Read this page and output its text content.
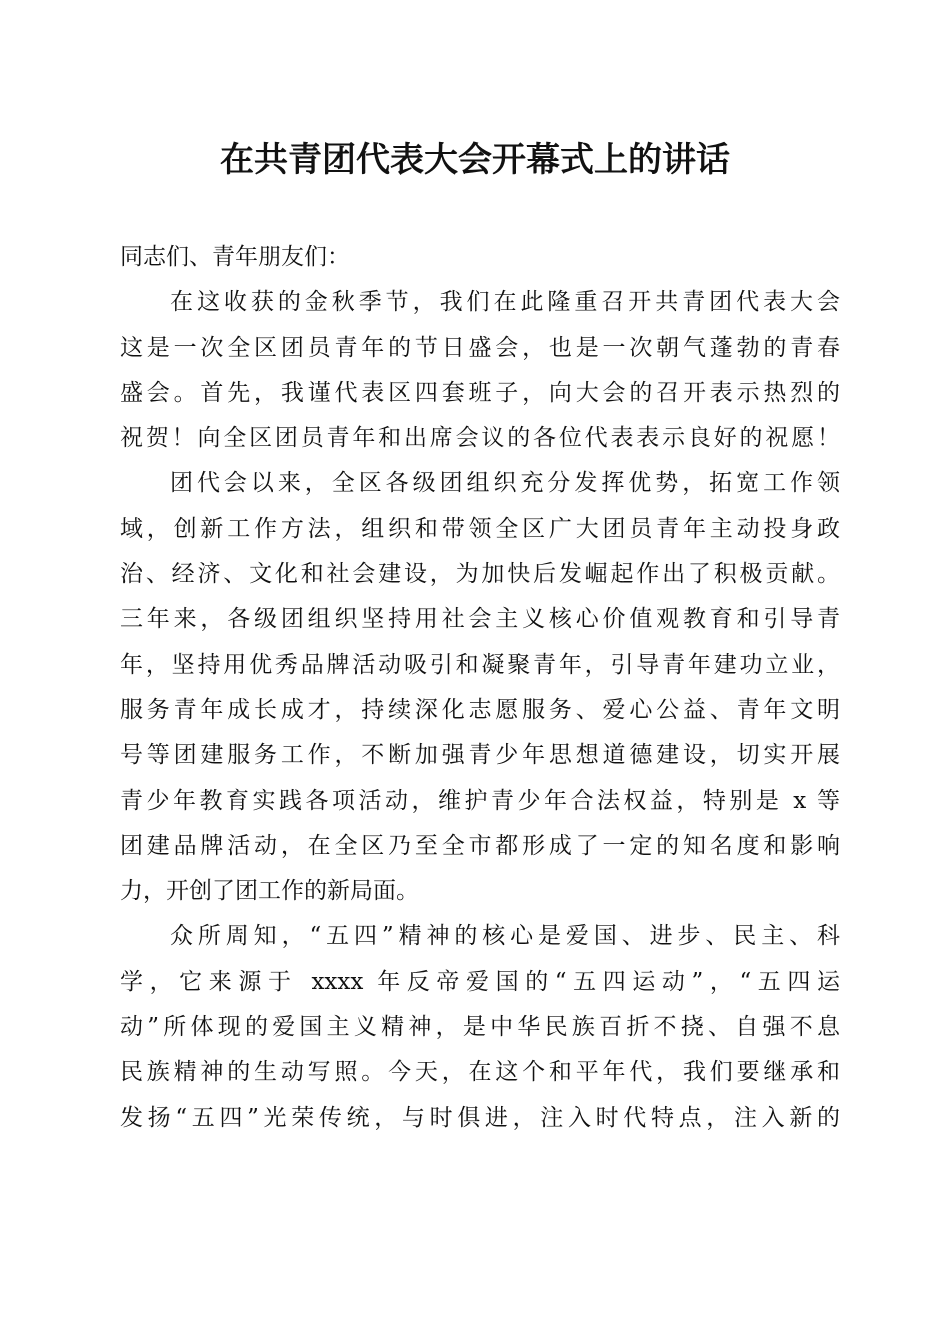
在共青团代表大会开幕式上的讲话
同志们、青年朋友们：
在这收获的金秋季节，我们在此隆重召开共青团代表大会
这是一次全区团员青年的节日盛会，也是一次朝气蓬勃的青春
盛会。首先，我谨代表区四套班子，向大会的召开表示热烈的
祝贺！向全区团员青年和出席会议的各位代表表示良好的祝愿！
团代会以来，全区各级团组织充分发挥优势，拓宽工作领
域，创新工作方法，组织和带领全区广大团员青年主动投身政
治、经济、文化和社会建设，为加快后发崛起作出了积极贡献。
三年来，各级团组织坚持用社会主义核心价值观教育和引导青
年，坚持用优秀品牌活动吸引和凝聚青年，引导青年建功立业，
服务青年成长成才，持续深化志愿服务、爱心公益、青年文明
号等团建服务工作，不断加强青少年思想道德建设，切实开展
青少年教育实践各项活动，维护青少年合法权益，特别是 x 等
团建品牌活动，在全区乃至全市都形成了一定的知名度和影响
力，开创了团工作的新局面。
众所周知，“五四”精神的核心是爱国、进步、民主、科
学，它来源于 xxxx 年反帝爱国的“五四运动”，“五四运
动”所体现的爱国主义精神，是中华民族百折不挠、自强不息
民族精神的生动写照。今天，在这个和平年代，我们要继承和
发扬“五四”光荣传统，与时俱进，注入时代特点，注入新的
